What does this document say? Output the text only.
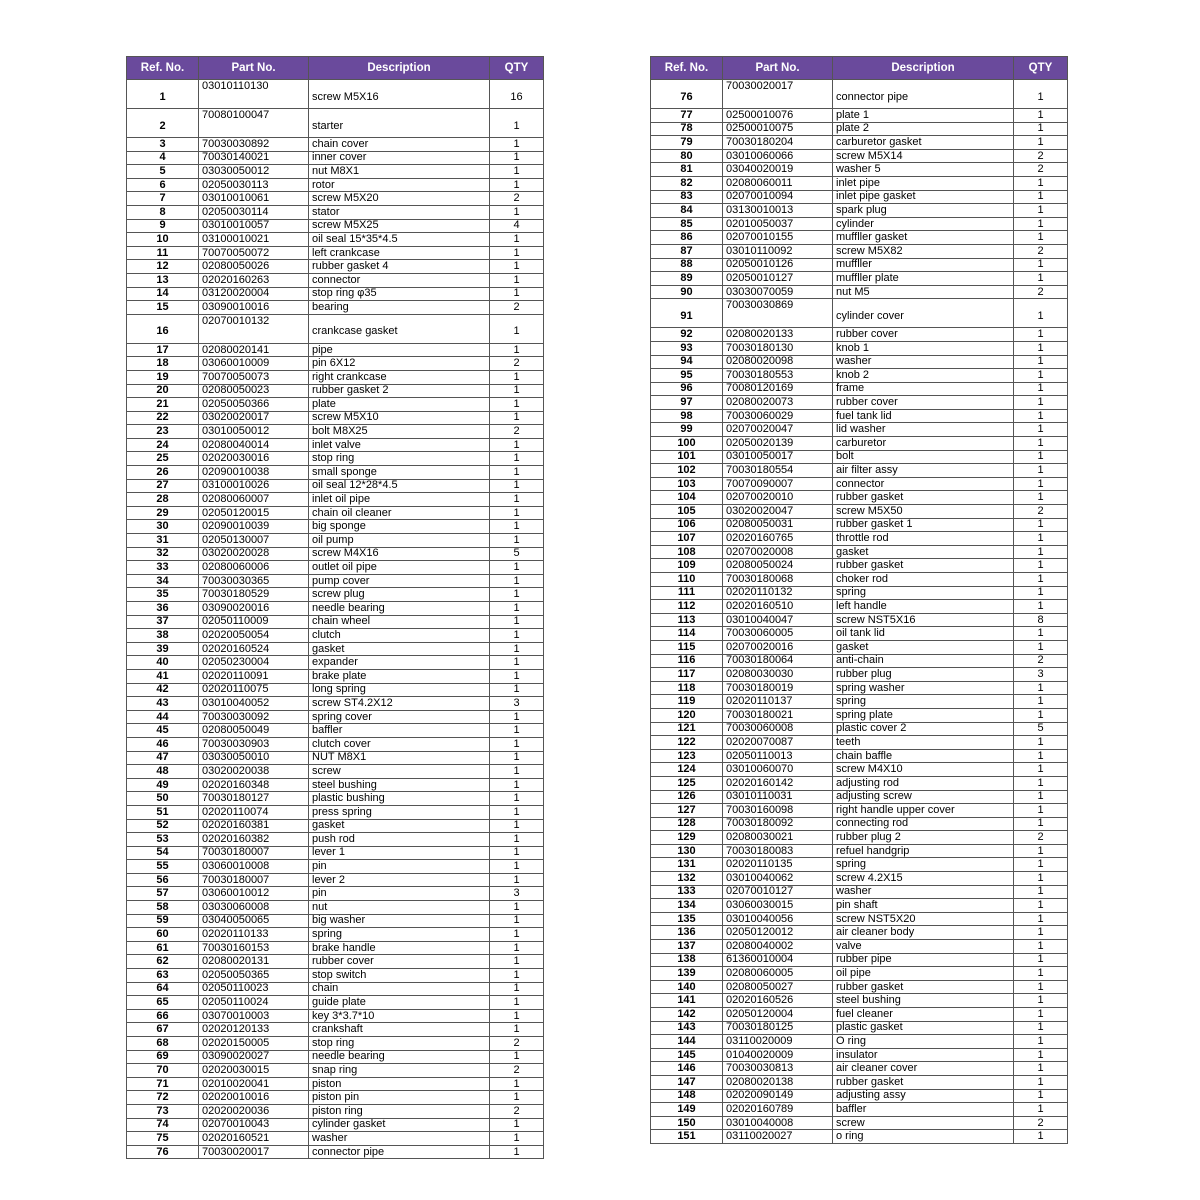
Ref. No.	Part No.	Description	QTY
1	03010110130	screw M5X16	16
2	70080100047	starter	1
3	70030030892	chain cover	1
4	70030140021	inner cover	1
5	03030050012	nut M8X1	1
6	02050030113	rotor	1
7	03010010061	screw M5X20	2
8	02050030114	stator	1
9	03010010057	screw M5X25	4
10	03100010021	oil seal 15*35*4.5	1
11	70070050072	left crankcase	1
12	02080050026	rubber gasket 4	1
13	02020160263	connector	1
14	03120020004	stop ring φ35	1
15	03090010016	bearing	2
16	02070010132	crankcase gasket	1
17	02080020141	pipe	1
18	03060010009	pin 6X12	2
19	70070050073	right crankcase	1
20	02080050023	rubber gasket 2	1
21	02050050366	plate	1
22	03020020017	screw M5X10	1
23	03010050012	bolt M8X25	2
24	02080040014	inlet valve	1
25	02020030016	stop ring	1
26	02090010038	small sponge	1
27	03100010026	oil seal 12*28*4.5	1
28	02080060007	inlet oil pipe	1
29	02050120015	chain oil cleaner	1
30	02090010039	big sponge	1
31	02050130007	oil pump	1
32	03020020028	screw M4X16	5
33	02080060006	outlet oil pipe	1
34	70030030365	pump cover	1
35	70030180529	screw plug	1
36	03090020016	needle bearing	1
37	02050110009	chain wheel	1
38	02020050054	clutch	1
39	02020160524	gasket	1
40	02050230004	expander	1
41	02020110091	brake plate	1
42	02020110075	long spring	1
43	03010040052	screw ST4.2X12	3
44	70030030092	spring cover	1
45	02080050049	baffler	1
46	70030030903	clutch cover	1
47	03030050010	NUT M8X1	1
48	03020020038	screw	1
49	02020160348	steel bushing	1
50	70030180127	plastic bushing	1
51	02020110074	press spring	1
52	02020160381	gasket	1
53	02020160382	push rod	1
54	70030180007	lever 1	1
55	03060010008	pin	1
56	70030180007	lever 2	1
57	03060010012	pin	3
58	03030060008	nut	1
59	03040050065	big washer	1
60	02020110133	spring	1
61	70030160153	brake handle	1
62	02080020131	rubber cover	1
63	02050050365	stop switch	1
64	02050110023	chain	1
65	02050110024	guide plate	1
66	03070010003	key 3*3.7*10	1
67	02020120133	crankshaft	1
68	02020150005	stop ring	2
69	03090020027	needle bearing	1
70	02020030015	snap ring	2
71	02010020041	piston	1
72	02020010016	piston pin	1
73	02020020036	piston ring	2
74	02070010043	cylinder gasket	1
75	02020160521	washer	1
76	70030020017	connector pipe	1
Ref. No.	Part No.	Description	QTY
76	70030020017	connector pipe	1
77	02500010076	plate 1	1
78	02500010075	plate 2	1
79	70030180204	carburetor gasket	1
80	03010060066	screw M5X14	2
81	03040020019	washer 5	2
82	02080060011	inlet pipe	1
83	02070010094	inlet pipe gasket	1
84	03130010013	spark plug	1
85	02010050037	cylinder	1
86	02070010155	muffller gasket	1
87	03010110092	screw M5X82	2
88	02050010126	muffller	1
89	02050010127	muffller plate	1
90	03030070059	nut M5	2
91	70030030869	cylinder cover	1
92	02080020133	rubber cover	1
93	70030180130	knob 1	1
94	02080020098	washer	1
95	70030180553	knob 2	1
96	70080120169	frame	1
97	02080020073	rubber cover	1
98	70030060029	fuel tank lid	1
99	02070020047	lid washer	1
100	02050020139	carburetor	1
101	03010050017	bolt	1
102	70030180554	air filter assy	1
103	70070090007	connector	1
104	02070020010	rubber gasket	1
105	03020020047	screw M5X50	2
106	02080050031	rubber gasket 1	1
107	02020160765	throttle rod	1
108	02070020008	gasket	1
109	02080050024	rubber gasket	1
110	70030180068	choker rod	1
111	02020110132	spring	1
112	02020160510	left handle	1
113	03010040047	screw NST5X16	8
114	70030060005	oil tank lid	1
115	02070020016	gasket	1
116	70030180064	anti-chain	2
117	02080030030	rubber plug	3
118	70030180019	spring washer	1
119	02020110137	spring	1
120	70030180021	spring plate	1
121	70030060008	plastic cover 2	5
122	02020070087	teeth	1
123	02050110013	chain baffle	1
124	03010060070	screw M4X10	1
125	02020160142	adjusting rod	1
126	03010110031	adjusting screw	1
127	70030160098	right handle upper cover	1
128	70030180092	connecting rod	1
129	02080030021	rubber plug 2	2
130	70030180083	refuel handgrip	1
131	02020110135	spring	1
132	03010040062	screw 4.2X15	1
133	02070010127	washer	1
134	03060030015	pin shaft	1
135	03010040056	screw NST5X20	1
136	02050120012	air cleaner body	1
137	02080040002	valve	1
138	61360010004	rubber pipe	1
139	02080060005	oil pipe	1
140	02080050027	rubber gasket	1
141	02020160526	steel bushing	1
142	02050120004	fuel cleaner	1
143	70030180125	plastic gasket	1
144	03110020009	O ring	1
145	01040020009	insulator	1
146	70030030813	air cleaner cover	1
147	02080020138	rubber gasket	1
148	02020090149	adjusting assy	1
149	02020160789	baffler	1
150	03010040008	screw	2
151	03110020027	o ring	1
